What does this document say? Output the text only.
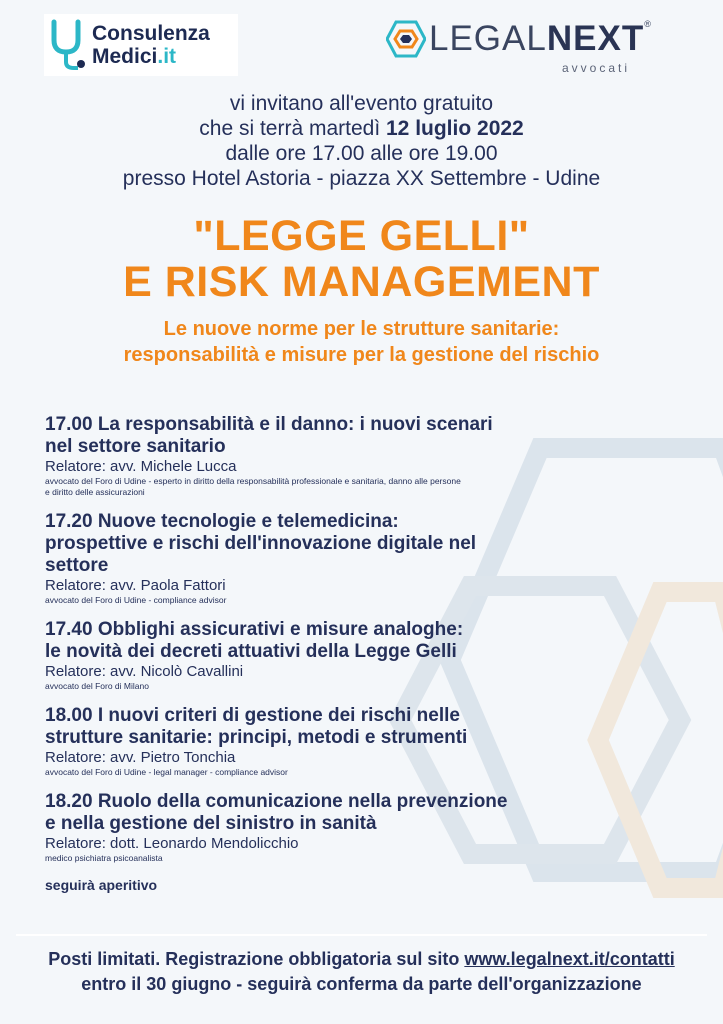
Consulenza
Medici.it	LEGALNEXT®
avvocati
vi invitano all'evento gratuito
che si terrà martedì 12 luglio 2022
dalle ore 17.00 alle ore 19.00
presso Hotel Astoria - piazza XX Settembre - Udine
"LEGGE GELLI"
E RISK MANAGEMENT
Le nuove norme per le strutture sanitarie:
responsabilità e misure per la gestione del rischio
17.00 La responsabilità e il danno: i nuovi scenari
nel settore sanitario
Relatore: avv. Michele Lucca
avvocato del Foro di Udine - esperto in diritto della responsabilità professionale e sanitaria, danno alle persone
e diritto delle assicurazioni
17.20 Nuove tecnologie e telemedicina:
prospettive e rischi dell'innovazione digitale nel
settore
Relatore: avv. Paola Fattori
avvocato del Foro di Udine - compliance advisor
17.40 Obblighi assicurativi e misure analoghe:
le novità dei decreti attuativi della Legge Gelli
Relatore: avv. Nicolò Cavallini
avvocato del Foro di Milano
18.00 I nuovi criteri di gestione dei rischi nelle
strutture sanitarie: principi, metodi e strumenti
Relatore: avv. Pietro Tonchia
avvocato del Foro di Udine - legal manager - compliance advisor
18.20 Ruolo della comunicazione nella prevenzione
e nella gestione del sinistro in sanità
Relatore: dott. Leonardo Mendolicchio
medico psichiatra psicoanalista
seguirà aperitivo
Posti limitati. Registrazione obbligatoria sul sito www.legalnext.it/contatti
entro il 30 giugno - seguirà conferma da parte dell'organizzazione
